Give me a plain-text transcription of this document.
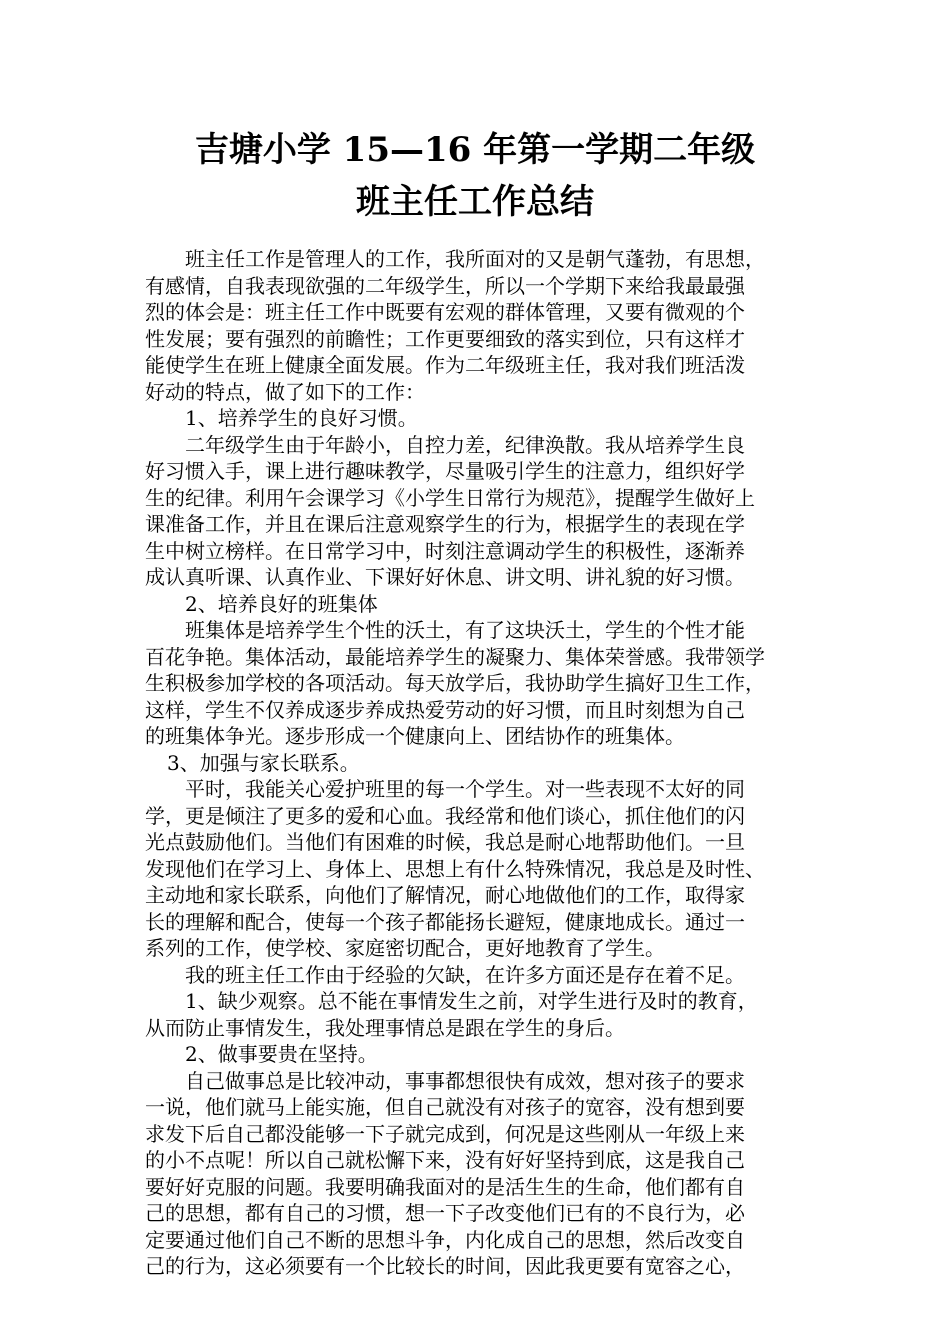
吉塘小学 15—16 年第一学期二年级
班主任工作总结
班主任工作是管理人的工作，我所面对的又是朝气蓬勃，有思想，
有感情，自我表现欲强的二年级学生，所以一个学期下来给我最最强
烈的体会是：班主任工作中既要有宏观的群体管理，又要有微观的个
性发展；要有强烈的前瞻性；工作更要细致的落实到位，只有这样才
能使学生在班上健康全面发展。作为二年级班主任，我对我们班活泼
好动的特点，做了如下的工作：
1、培养学生的良好习惯。
二年级学生由于年龄小，自控力差，纪律涣散。我从培养学生良
好习惯入手，课上进行趣味教学，尽量吸引学生的注意力，组织好学
生的纪律。利用午会课学习《小学生日常行为规范》，提醒学生做好上
课准备工作，并且在课后注意观察学生的行为，根据学生的表现在学
生中树立榜样。在日常学习中，时刻注意调动学生的积极性，逐渐养
成认真听课、认真作业、下课好好休息、讲文明、讲礼貌的好习惯。
2、培养良好的班集体
班集体是培养学生个性的沃土，有了这块沃土，学生的个性才能
百花争艳。集体活动，最能培养学生的凝聚力、集体荣誉感。我带领学
生积极参加学校的各项活动。每天放学后，我协助学生搞好卫生工作，
这样，学生不仅养成逐步养成热爱劳动的好习惯，而且时刻想为自己
的班集体争光。逐步形成一个健康向上、团结协作的班集体。
3、加强与家长联系。
平时，我能关心爱护班里的每一个学生。对一些表现不太好的同
学，更是倾注了更多的爱和心血。我经常和他们谈心，抓住他们的闪
光点鼓励他们。当他们有困难的时候，我总是耐心地帮助他们。一旦
发现他们在学习上、身体上、思想上有什么特殊情况，我总是及时性、
主动地和家长联系，向他们了解情况，耐心地做他们的工作，取得家
长的理解和配合，使每一个孩子都能扬长避短，健康地成长。通过一
系列的工作，使学校、家庭密切配合，更好地教育了学生。
我的班主任工作由于经验的欠缺，在许多方面还是存在着不足。
1、缺少观察。总不能在事情发生之前，对学生进行及时的教育，
从而防止事情发生，我处理事情总是跟在学生的身后。
2、做事要贵在坚持。
自己做事总是比较冲动，事事都想很快有成效，想对孩子的要求
一说，他们就马上能实施，但自己就没有对孩子的宽容，没有想到要
求发下后自己都没能够一下子就完成到，何况是这些刚从一年级上来
的小不点呢！所以自己就松懈下来，没有好好坚持到底，这是我自己
要好好克服的问题。我要明确我面对的是活生生的生命，他们都有自
己的思想，都有自己的习惯，想一下子改变他们已有的不良行为，必
定要通过他们自己不断的思想斗争，内化成自己的思想，然后改变自
己的行为，这必须要有一个比较长的时间，因此我更要有宽容之心，
